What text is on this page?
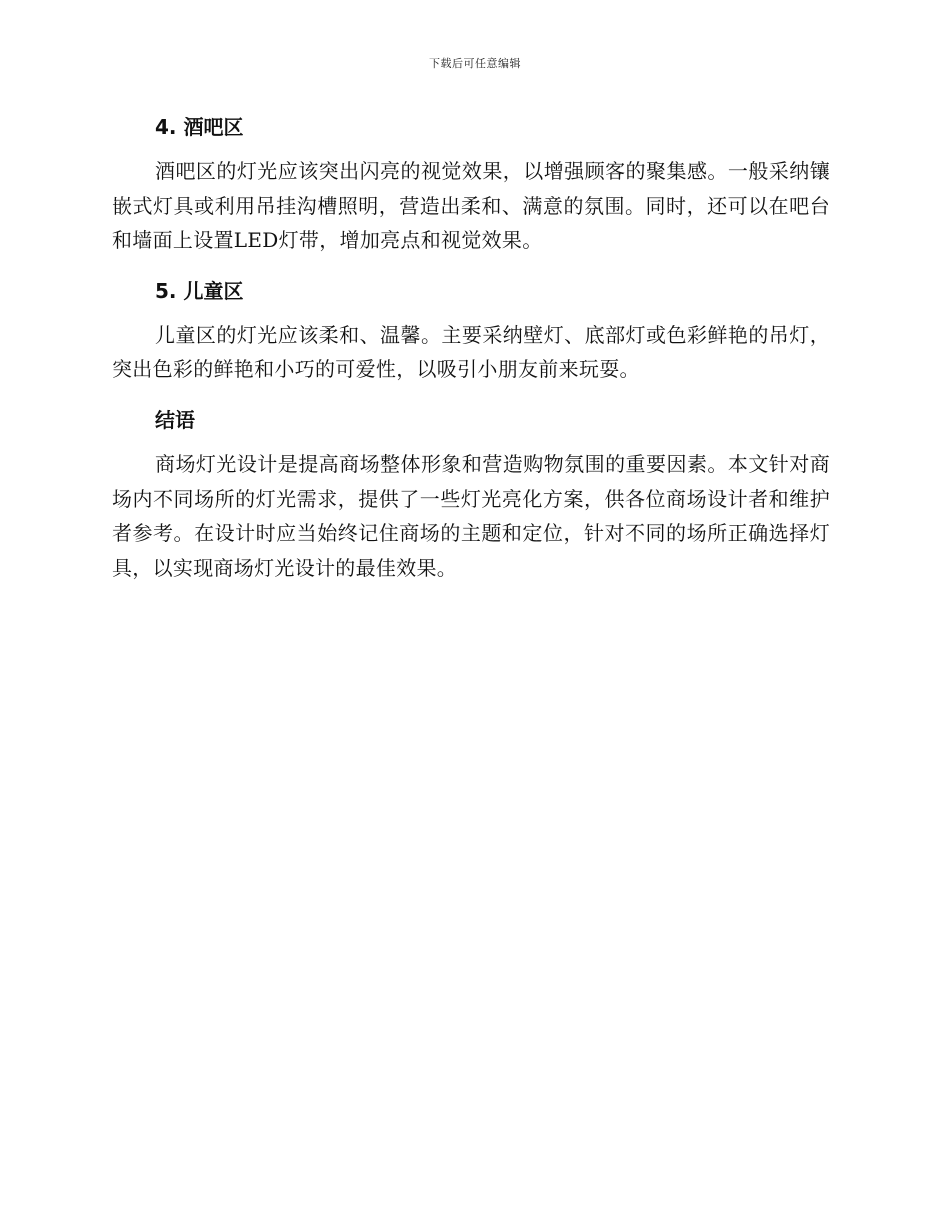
下载后可任意编辑
4. 酒吧区

酒吧区的灯光应该突出闪亮的视觉效果，以增强顾客的聚集感。一般采纳镶嵌式灯具或利用吊挂沟槽照明，营造出柔和、满意的氛围。同时，还可以在吧台和墙面上设置LED灯带，增加亮点和视觉效果。

5. 儿童区

儿童区的灯光应该柔和、温馨。主要采纳壁灯、底部灯或色彩鲜艳的吊灯，突出色彩的鲜艳和小巧的可爱性，以吸引小朋友前来玩耍。

结语

商场灯光设计是提高商场整体形象和营造购物氛围的重要因素。本文针对商场内不同场所的灯光需求，提供了一些灯光亮化方案，供各位商场设计者和维护者参考。在设计时应当始终记住商场的主题和定位，针对不同的场所正确选择灯具，以实现商场灯光设计的最佳效果。
